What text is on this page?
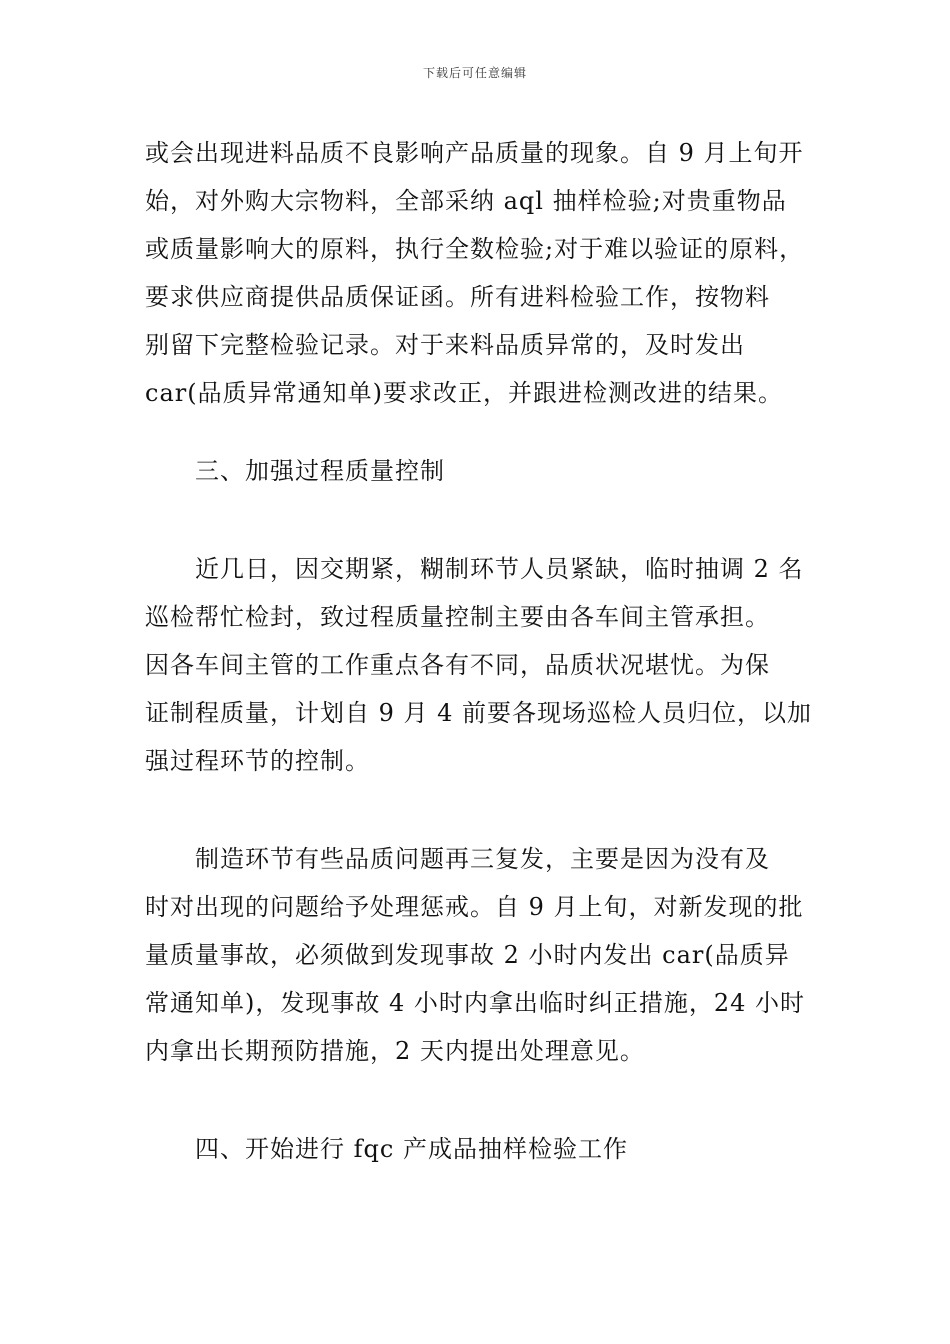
下载后可任意编辑
或会出现进料品质不良影响产品质量的现象。自 9 月上旬开
始，对外购大宗物料，全部采纳 aql 抽样检验;对贵重物品
或质量影响大的原料，执行全数检验;对于难以验证的原料，
要求供应商提供品质保证函。所有进料检验工作，按物料
别留下完整检验记录。对于来料品质异常的，及时发出
car(品质异常通知单)要求改正，并跟进检测改进的结果。
三、加强过程质量控制
近几日，因交期紧，糊制环节人员紧缺，临时抽调 2 名
巡检帮忙检封，致过程质量控制主要由各车间主管承担。
因各车间主管的工作重点各有不同，品质状况堪忧。为保
证制程质量，计划自 9 月 4 前要各现场巡检人员归位，以加
强过程环节的控制。
制造环节有些品质问题再三复发，主要是因为没有及
时对出现的问题给予处理惩戒。自 9 月上旬，对新发现的批
量质量事故，必须做到发现事故 2 小时内发出 car(品质异
常通知单)，发现事故 4 小时内拿出临时纠正措施，24 小时
内拿出长期预防措施，2 天内提出处理意见。
四、开始进行 fqc 产成品抽样检验工作
